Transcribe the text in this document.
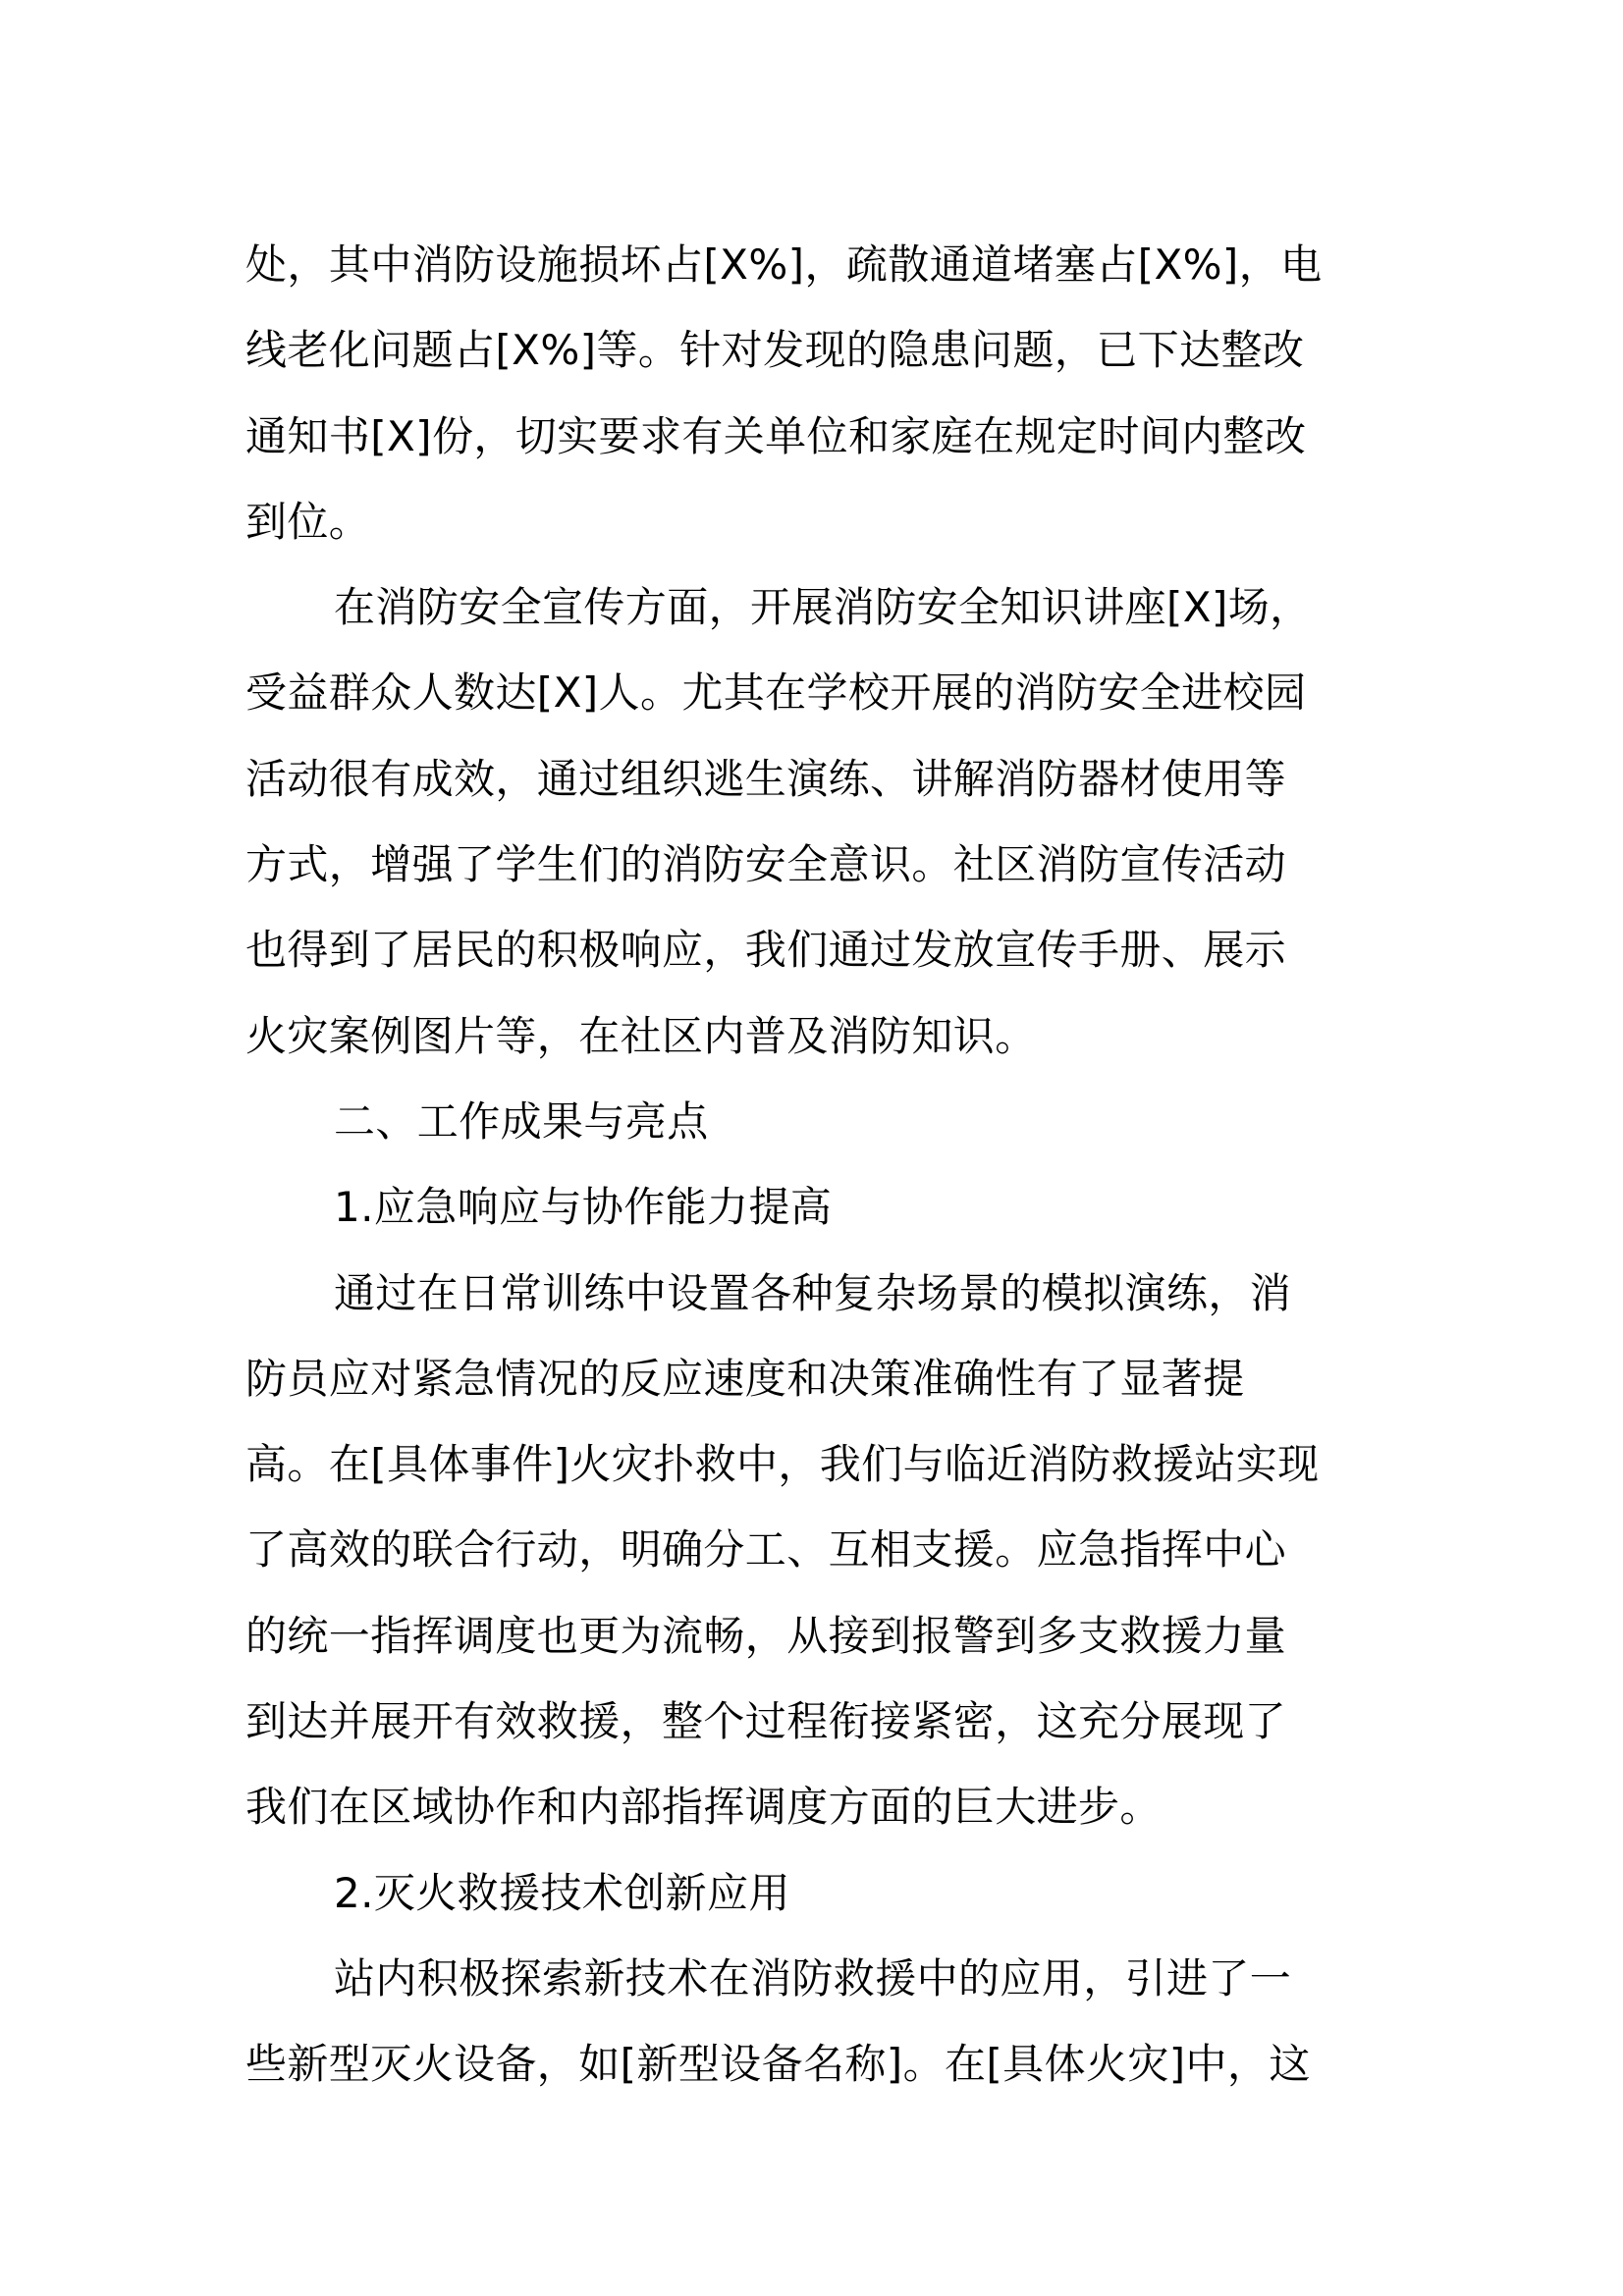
处，其中消防设施损坏占[X%]，疏散通道堵塞占[X%]，电
线老化问题占[X%]等。针对发现的隐患问题，已下达整改
通知书[X]份，切实要求有关单位和家庭在规定时间内整改
到位。
在消防安全宣传方面，开展消防安全知识讲座[X]场，
受益群众人数达[X]人。尤其在学校开展的消防安全进校园
活动很有成效，通过组织逃生演练、讲解消防器材使用等
方式，增强了学生们的消防安全意识。社区消防宣传活动
也得到了居民的积极响应，我们通过发放宣传手册、展示
火灾案例图片等，在社区内普及消防知识。
二、工作成果与亮点
1.应急响应与协作能力提高
通过在日常训练中设置各种复杂场景的模拟演练，消
防员应对紧急情况的反应速度和决策准确性有了显著提
高。在[具体事件]火灾扑救中，我们与临近消防救援站实现
了高效的联合行动，明确分工、互相支援。应急指挥中心
的统一指挥调度也更为流畅，从接到报警到多支救援力量
到达并展开有效救援，整个过程衔接紧密，这充分展现了
我们在区域协作和内部指挥调度方面的巨大进步。
2.灭火救援技术创新应用
站内积极探索新技术在消防救援中的应用，引进了一
些新型灭火设备，如[新型设备名称]。在[具体火灾]中，这
